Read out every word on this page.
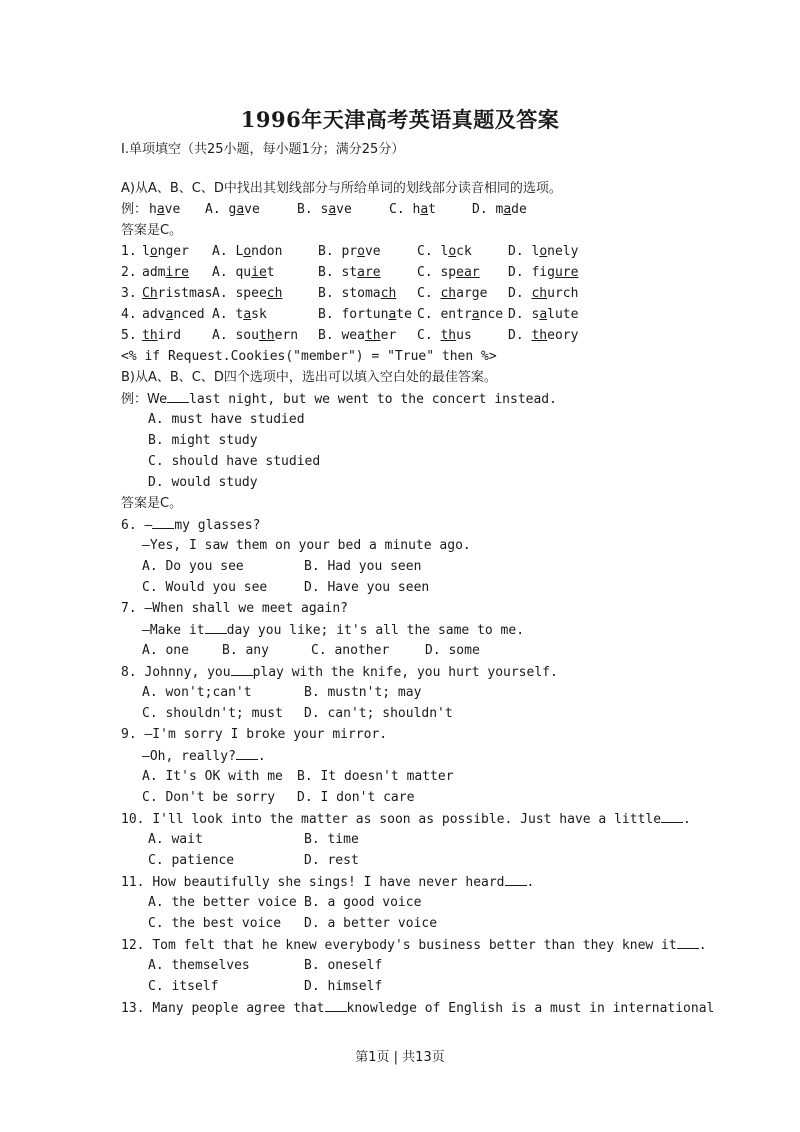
1996年天津高考英语真题及答案
Ⅰ.单项填空（共25小题，每小题1分；满分25分）
A)从A、B、C、D中找出其划线部分与所给单词的划线部分读音相同的选项。
例： have A. gave	B. save	C. hat	D. made
答案是C。
1. longer A. London	B. prove	C. lock	D. lonely
2. admire A. quiet	B. stare	C. spear D. figure
3. Christmas A. speech	B. stomach C. charge D. church
4. advanced A. task	B. fortunate C. entrance D. salute
5. third A. southern B. weather C. thus	D. theory
<% if Request.Cookies("member") = "True" then %>
B)从A、B、C、D四个选项中，选出可以填入空白处的最佳答案。
例：We last night, but we went to the concert instead.
A. must have studied
B. might study
C. should have studied
D. would study
答案是C。
6. — my glasses?
—Yes, I saw them on your bed a minute ago.
A. Do you see	B. Had you seen
C. Would you see	D. Have you seen
7. —When shall we meet again?
—Make it day you like; it's all the same to me.
A. one	B. any	C. another	D. some
8. Johnny, you play with the knife, you hurt yourself.
A. won't;can't	B. mustn't; may
C. shouldn't; must D. can't; shouldn't
9. —I'm sorry I broke your mirror.
—Oh, really? .
A. It's OK with me B. It doesn't matter
C. Don't be sorry D. I don't care
10. I'll look into the matter as soon as possible. Just have a little .
A. wait	B. time
C. patience	D. rest
11. How beautifully she sings! I have never heard .
A. the better voice B. a good voice
C. the best voice D. a better voice
12. Tom felt that he knew everybody's business better than they knew it .
A. themselves	B. oneself
C. itself	D. himself
13. Many people agree that knowledge of English is a must in international
第1页 | 共13页
